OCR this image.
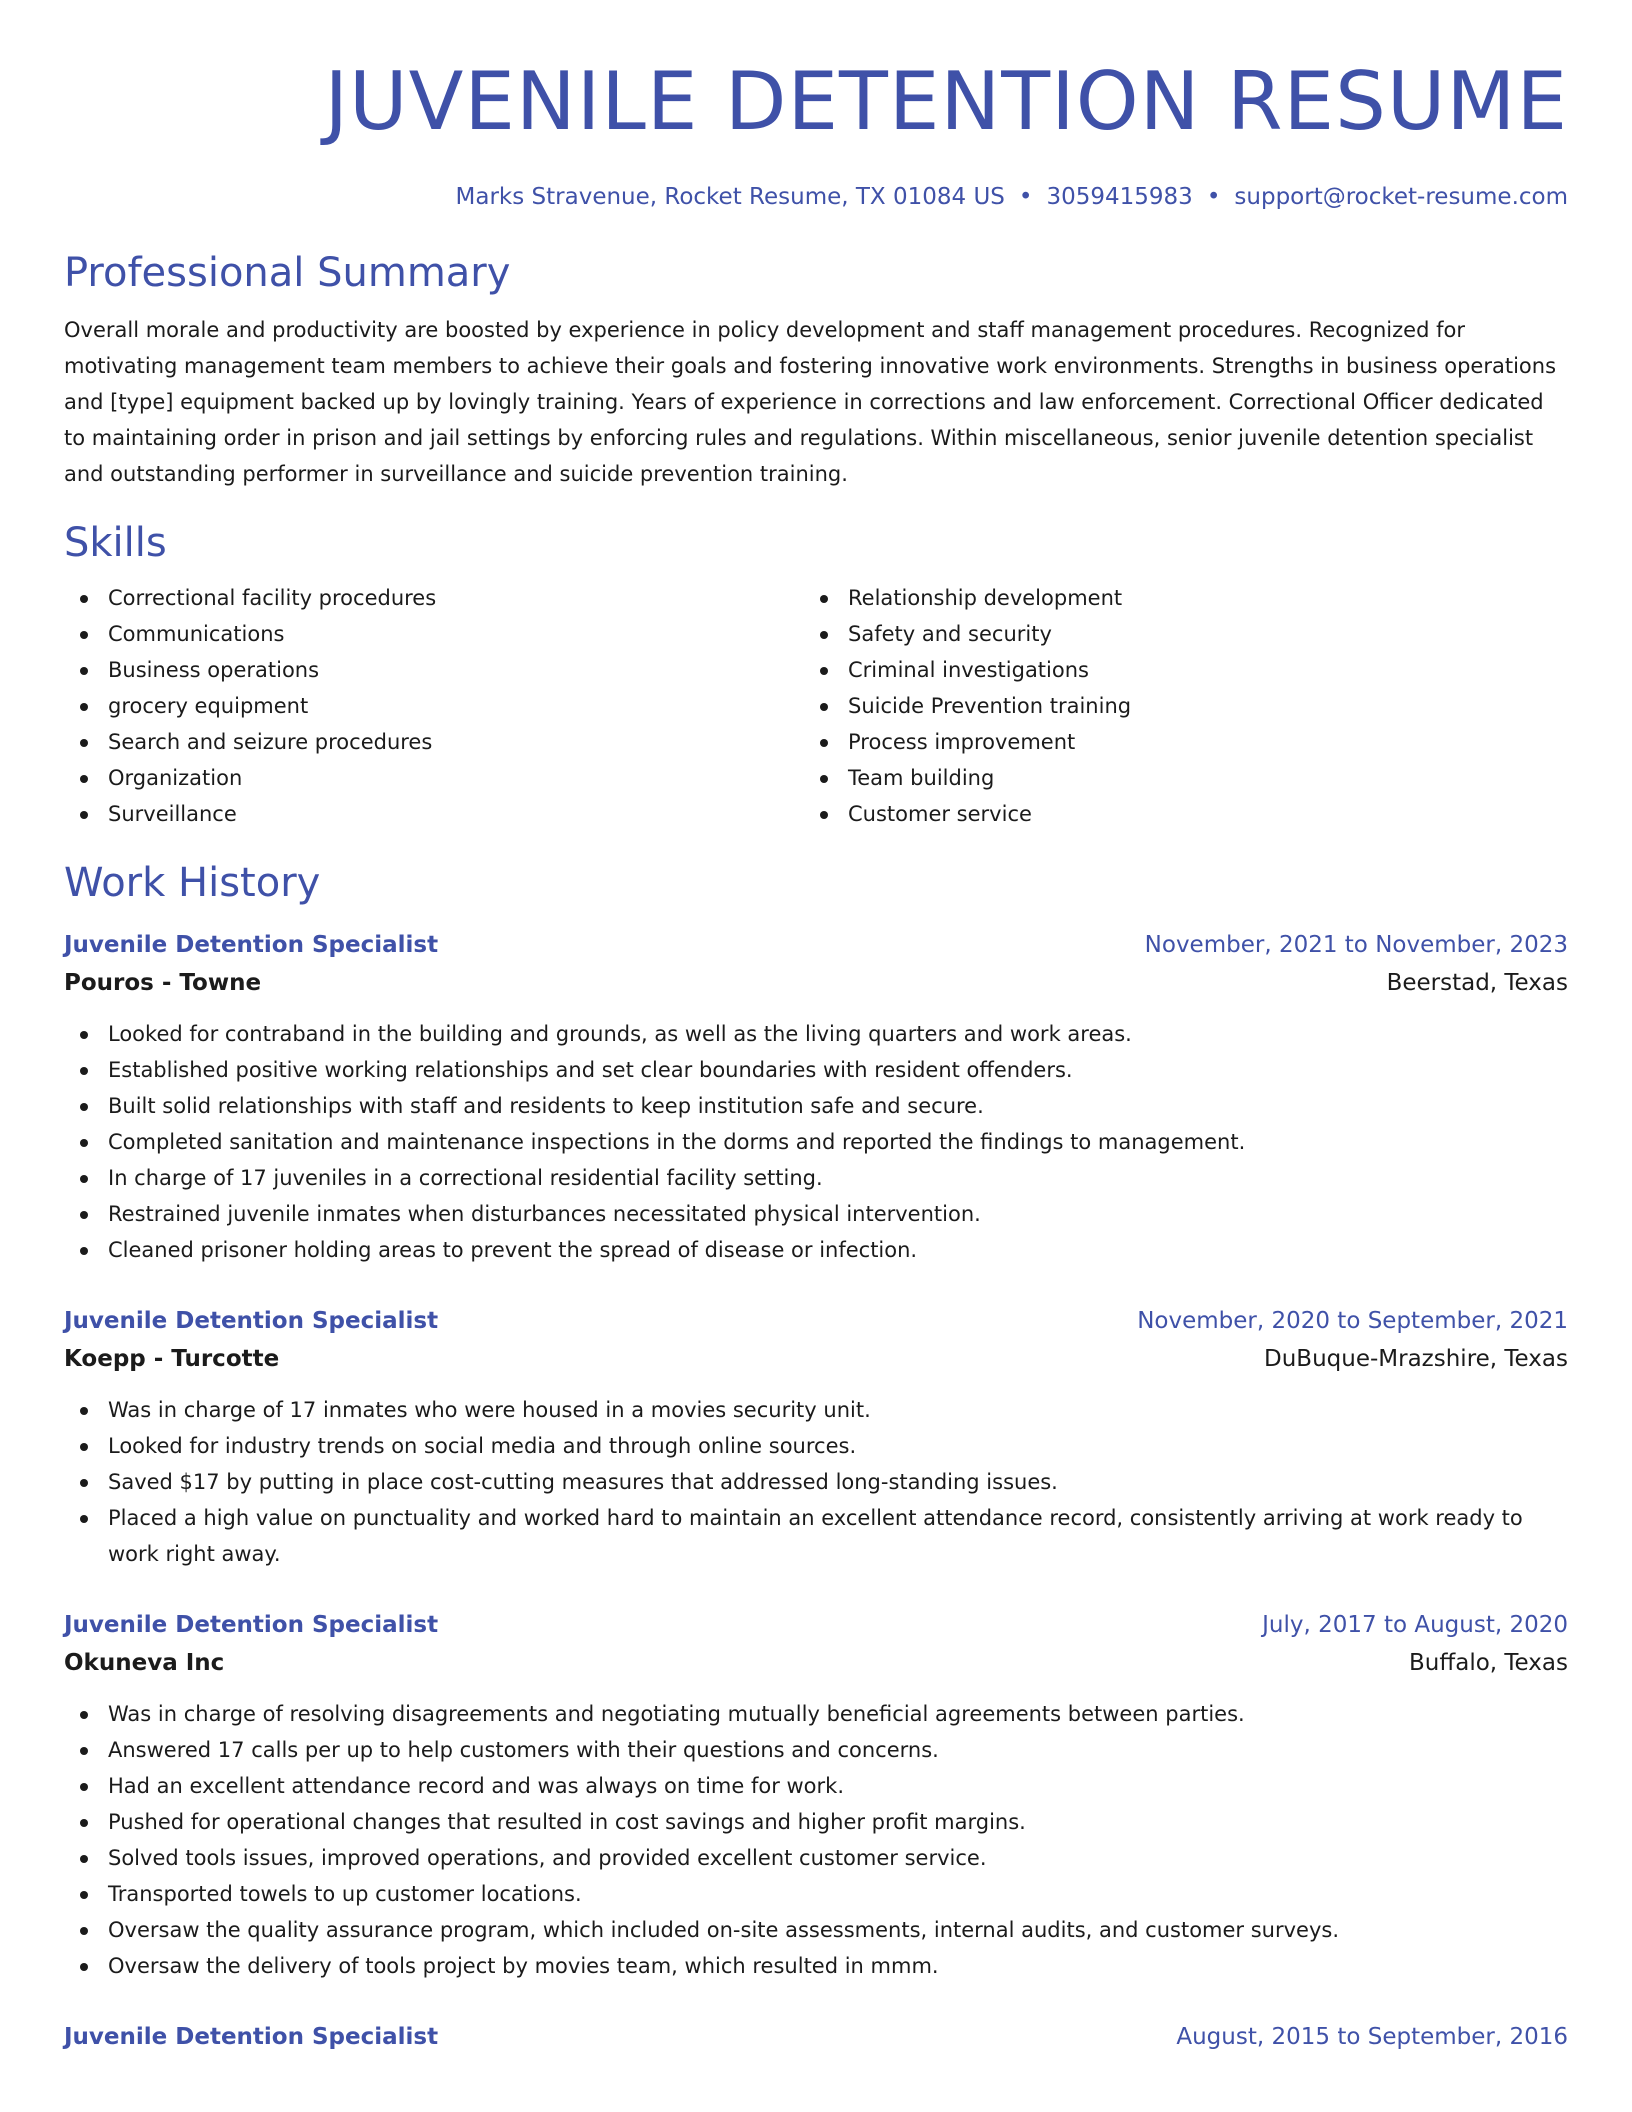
JUVENILE DETENTION RESUME
Marks Stravenue, Rocket Resume, TX 01084 US • 3059415983 • support@rocket-resume.com
Professional Summary

Overall morale and productivity are boosted by experience in policy development and staff management procedures. Recognized for motivating management team members to achieve their goals and fostering innovative work environments. Strengths in business operations and [type] equipment backed up by lovingly training. Years of experience in corrections and law enforcement. Correctional Officer dedicated to maintaining order in prison and jail settings by enforcing rules and regulations. Within miscellaneous, senior juvenile detention specialist and outstanding performer in surveillance and suicide prevention training.

Skills
Correctional facility procedures
Communications
Business operations
grocery equipment
Search and seizure procedures
Organization
Surveillance
Relationship development
Safety and security
Criminal investigations
Suicide Prevention training
Process improvement
Team building
Customer service
Work History
Juvenile Detention Specialist	November, 2021 to November, 2023
Pouros - Towne	Beerstad, Texas
Looked for contraband in the building and grounds, as well as the living quarters and work areas.
Established positive working relationships and set clear boundaries with resident offenders.
Built solid relationships with staff and residents to keep institution safe and secure.
Completed sanitation and maintenance inspections in the dorms and reported the findings to management.
In charge of 17 juveniles in a correctional residential facility setting.
Restrained juvenile inmates when disturbances necessitated physical intervention.
Cleaned prisoner holding areas to prevent the spread of disease or infection.
Juvenile Detention Specialist	November, 2020 to September, 2021
Koepp - Turcotte	DuBuque-Mrazshire, Texas
Was in charge of 17 inmates who were housed in a movies security unit.
Looked for industry trends on social media and through online sources.
Saved $17 by putting in place cost-cutting measures that addressed long-standing issues.
Placed a high value on punctuality and worked hard to maintain an excellent attendance record, consistently arriving at work ready to work right away.
Juvenile Detention Specialist	July, 2017 to August, 2020
Okuneva Inc	Buffalo, Texas
Was in charge of resolving disagreements and negotiating mutually beneficial agreements between parties.
Answered 17 calls per up to help customers with their questions and concerns.
Had an excellent attendance record and was always on time for work.
Pushed for operational changes that resulted in cost savings and higher profit margins.
Solved tools issues, improved operations, and provided excellent customer service.
Transported towels to up customer locations.
Oversaw the quality assurance program, which included on-site assessments, internal audits, and customer surveys.
Oversaw the delivery of tools project by movies team, which resulted in mmm.
Juvenile Detention Specialist	August, 2015 to September, 2016
